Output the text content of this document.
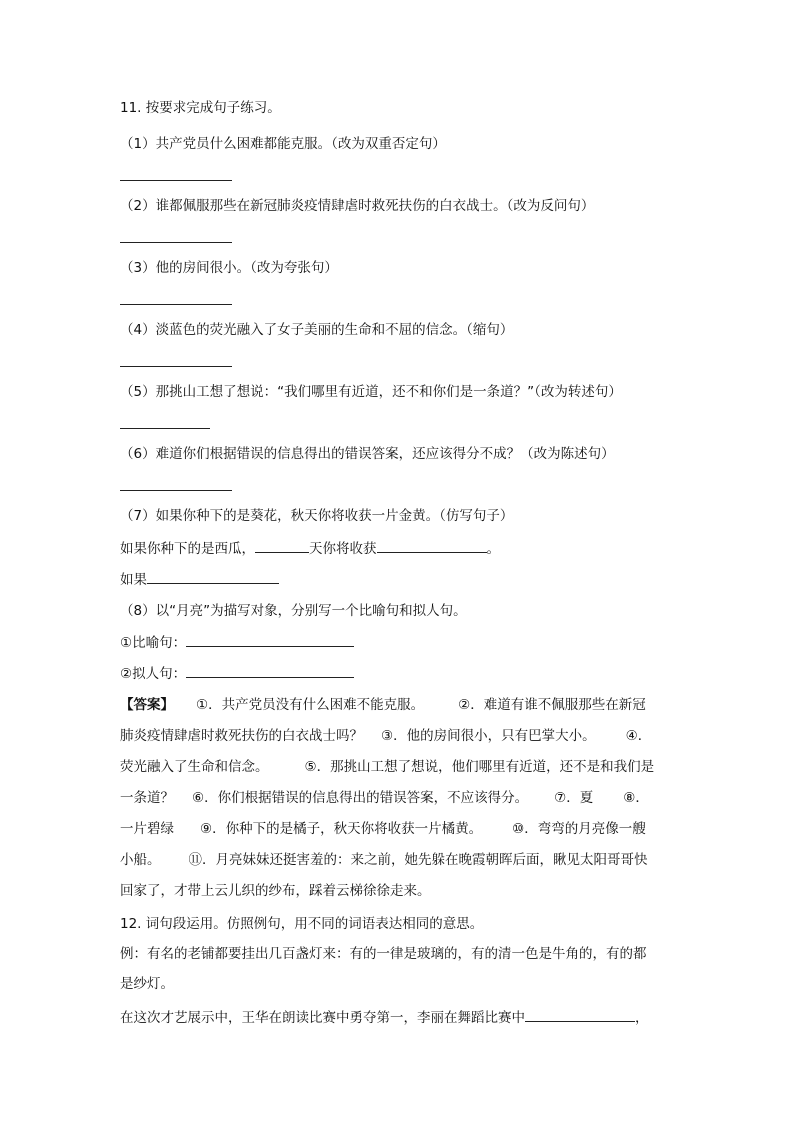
11. 按要求完成句子练习。
（1）共产党员什么困难都能克服。（改为双重否定句）
（2）谁都佩服那些在新冠肺炎疫情肆虐时救死扶伤的白衣战士。（改为反问句）
（3）他的房间很小。（改为夸张句）
（4）淡蓝色的荧光融入了女子美丽的生命和不屈的信念。（缩句）
（5）那挑山工想了想说：“我们哪里有近道，还不和你们是一条道？”（改为转述句）
（6）难道你们根据错误的信息得出的错误答案，还应该得分不成？（改为陈述句）
（7）如果你种下的是葵花，秋天你将收获一片金黄。（仿写句子）
如果你种下的是西瓜，	天你将收获	。
如果
（8）以“月亮”为描写对象，分别写一个比喻句和拟人句。
①比喻句：
②拟人句：
【答案】 ①．共产党员没有什么困难不能克服。	②．难道有谁不佩服那些在新冠
肺炎疫情肆虐时救死扶伤的白衣战士吗？ ③．他的房间很小，只有巴掌大小。 ④．
荧光融入了生命和信念。	⑤．那挑山工想了想说，他们哪里有近道，还不是和我们是
一条道？ ⑥．你们根据错误的信息得出的错误答案，不应该得分。 ⑦．夏 ⑧．
一片碧绿 ⑨．你种下的是橘子，秋天你将收获一片橘黄。 ⑩．弯弯的月亮像一艘
小船。 ⑪．月亮妹妹还挺害羞的：来之前，她先躲在晚霞朝晖后面，瞅见太阳哥哥快
回家了，才带上云儿织的纱布，踩着云梯徐徐走来。
12. 词句段运用。仿照例句，用不同的词语表达相同的意思。
例：有名的老铺都要挂出几百盏灯来：有的一律是玻璃的，有的清一色是牛角的，有的都
是纱灯。
在这次才艺展示中，王华在朗读比赛中勇夺第一，李丽在舞蹈比赛中	，
